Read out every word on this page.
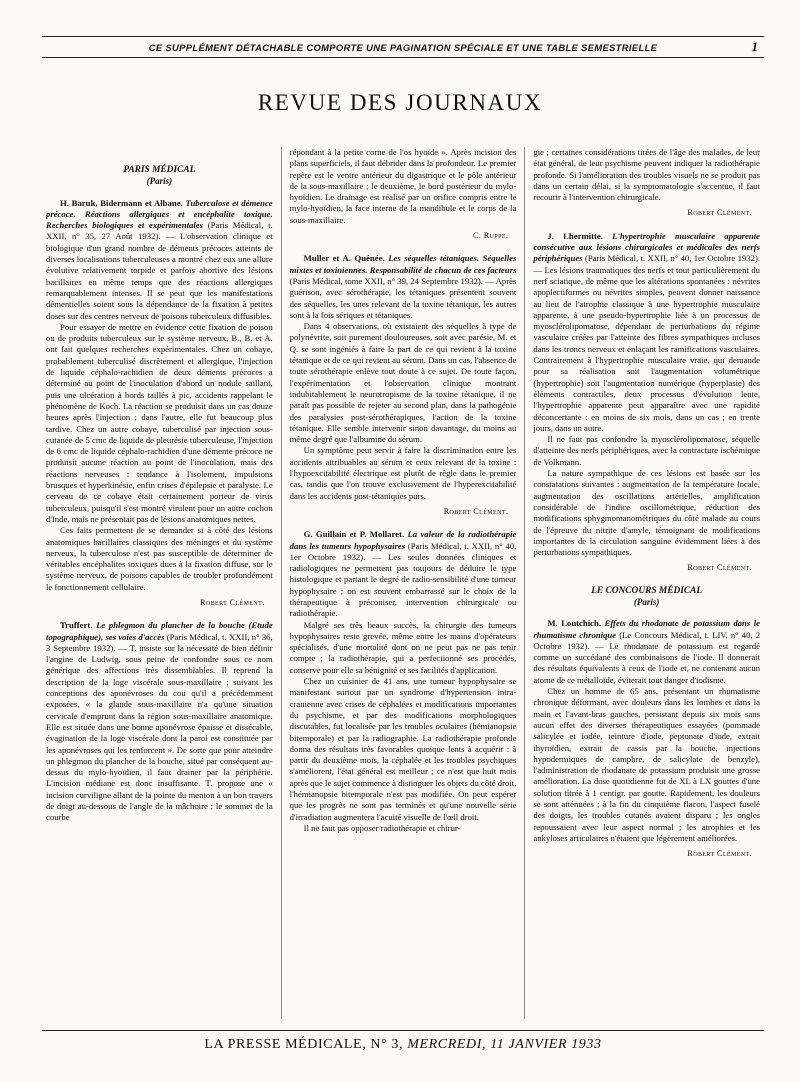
CE SUPPLÉMENT DÉTACHABLE COMPORTE UNE PAGINATION SPÉCIALE ET UNE TABLE SEMESTRIELLE	1
REVUE DES JOURNAUX
PARIS MÉDICAL
(Paris)

H. Baruk, Bidermann et Albane. Tuberculose et démence précoce. Réactions allergiques et encéphalite toxique. Recherches biologiques et expérimentales (Paris Médical, t. XXII, n° 35, 27 Août 1932). — L'observation clinique et biologique d'un grand nombre de déments précoces atteints de diverses localisations tuberculeuses a montré chez eux une allure évolutive relativement torpide et parfois abortive des lésions bacillaires en même temps que des réactions allergiques remarquablement intenses. Il se peut que les manifestations démentielles soient sous la dépendance de la fixation à petites doses sur des centres nerveux de poisons tuberculeux diffusibles.

Pour essayer de mettre en évidence cette fixation de poison ou de produits tuberculeux sur le système nerveux, B., B. et A. ont fait quelques recherches expérimentales. Chez un cobaye, probablement tuberculisé discrètement et allergique, l'injection de liquide céphalo-rachidien de deux déments précoces a déterminé au point de l'inoculation d'abord un nodule saillant, puis une ulcération à bords taillés à pic, accidents rappelant le phénomène de Koch. La réaction se produisit dans un cas douze heures après l'injection ; dans l'autre, elle fut beaucoup plus tardive. Chez un autre cobaye, tuberculisé par injection sous-cutanée de 5 cmc de liquide de pleurésie tuberculeuse, l'injection de 6 cmc de liquide céphalo-rachidien d'une démente précoce ne produisit aucune réaction au point de l'inoculation, mais des réactions nerveuses : tendance à l'isolement, impulsions brusques et hyperkinésie, enfin crises d'épilepsie et paralysie. Le cerveau de ce cobaye était certainement porteur de virus tuberculeux, puisqu'il s'est montré virulent pour un autre cochon d'Inde, mais ne présentait pas de lésions anatomiques nettes.

Ces faits permettent de se demander si à côté des lésions anatomiques bacillaires classiques des méninges et du système nerveux, la tuberculose n'est pas susceptible de déterminer de véritables encéphalites toxiques dues à la fixation diffuse, sur le système nerveux, de poisons capables de troubler profondément le fonctionnement cellulaire.

Robert Clément.

Truffert. Le phlegmon du plancher de la bouche (Etude topographique), ses voies d'accès (Paris Médical, t. XXII, n° 36, 3 Septembre 1932). — T. insiste sur la nécessité de bien définir l'angine de Ludwig, sous peine de confondre sous ce nom générique des affections très dissemblables. Il reprend la description de la loge viscérale sous-maxillaire ; suivant les conceptions des aponévroses du cou qu'il a précédemment exposées, « la glande sous-maxillaire n'a qu'une situation cervicale d'emprunt dans la région sous-maxillaire anatomique. Elle est située dans une bonne aponévrose épaisse et dissécable, évagination de la loge viscérale dont la paroi est constituée par les aponévroses qui les renforcent ». De sorte que pour atteindre un phlegmon du plancher de la bouche, situé par conséquent au-dessus du mylo-hyoïdien, il faut drainer par la périphérie. L'incision médiane est donc insuffisante. T. propose une « incision curviligne allant de la pointe du menton à un bon travers de doigt au-dessous de l'angle de la mâchoire ; le sommet de la courbe

répondant à la petite corne de l'os hyoïde ». Après incision des plans superficiels, il faut débrider dans la profondeur. Le premier repère est le ventre antérieur du digastrique et le pôle antérieur de la sous-maxillaire ; le deuxième, le bord postérieur du mylo-hyoïdien. Le drainage est réalisé par un orifice compris entre le mylo-hyoïdien, la face interne de la mandibule et le corps de la sous-maxillaire.

C. Ruppe.

Muller et A. Quénée. Les séquelles tétaniques. Séquelles mixtes et toxiniennes. Responsabilité de chacun de ces facteurs (Paris Médical, tome XXII, n° 39, 24 Septembre 1932). — Après guérison, avec sérothérapie, les tétaniques présentent souvent des séquelles, les unes relevant de la toxine tétanique, les autres sont à la fois sériques et tétaniques.

Dans 4 observations, où existaient des séquelles à type de polynévrite, soit purement douloureuses, soit avec parésie, M. et Q. se sont ingéniés à faire la part de ce qui revient à la toxine tétanique et de ce qui revient au sérum. Dans un cas, l'absence de toute sérothérapie enlève tout doute à ce sujet. De toute façon, l'expérimentation et l'observation clinique montrant indubitablement le neurotropisme de la toxine tétanique, il ne paraît pas possible de rejeter au second plan, dans la pathogénie des paralysies post-sérothérapiques, l'action de la toxine tétanique. Elle semble intervenir sinon davantage, du moins au même degré que l'albumine du sérum.

Un symptôme peut servir à faire la discrimination entre les accidents attribuables au sérum et ceux relevant de la toxine : l'hypoexcitabilité électrique est plutôt de règle dans le premier cas, tandis que l'on trouve exclusivement de l'hyperexcitabilité dans les accidents post-tétaniques purs.

Robert Clément.

G. Guillain et P. Mollaret. La valeur de la radiothérapie dans les tumeurs hypophysaires (Paris Médical, t. XXII, n° 40, 1er Octobre 1932). — Les seules données cliniques et radiologiques ne permettent pas toujours de déduire le type histologique et partant le degré de radio-sensibilité d'une tumeur hypophysaire ; on est souvent embarrassé sur le choix de la thérapeutique à préconiser, intervention chirurgicale ou radiothérapie.

Malgré ses très beaux succès, la chirurgie des tumeurs hypophysaires reste grevée, même entre les mains d'opérateurs spécialisés, d'une mortalité dont on ne peut pas ne pas tenir compte ; la radiothérapie, qui a perfectionné ses procédés, conserve pour elle sa bénignité et ses facilités d'application.

Chez un cuisinier de 41 ans, une tumeur hypophysaire se manifestant surtout par un syndrome d'hypertension intra-cranienne avec crises de céphalées et modifications importantes du psychisme, et par des modifications morphologiques discutables, fut localisée par les troubles oculaires (hémianopsie bitemporale) et par la radiographie. La radiothérapie profonde donna des résultats très favorables quoique lents à acquérir : à partir du deuxième mois, la céphalée et les troubles psychiques s'améliorent, l'état général est meilleur ; ce n'est que huit mois après que le sujet commence à distinguer les objets du côté droit, l'hémianopsie bitemporale n'est pas modifiée. On peut espérer que les progrès ne sont pas terminés et qu'une nouvelle série d'irradiation augmentera l'acuité visuelle de l'œil droit.

Il ne faut pas opposer radiothérapie et chirur-

gie ; certaines considérations tirées de l'âge des malades, de leur état général, de leur psychisme peuvent indiquer la radiothérapie profonde. Si l'amélioration des troubles visuels ne se produit pas dans un certain délai, si la symptomatologie s'accentue, il faut recourir à l'intervention chirurgicale.

Robert Clément.

J. Lhermitte. L'hypertrophie musculaire apparente consécutive aux lésions chirurgicales et médicales des nerfs périphériques (Paris Médical, t. XXII, n° 40, 1er Octobre 1932). — Les lésions traumatiques des nerfs et tout particulièrement du nerf sciatique, de même que les altérations spontanées : névrites apoplectiformes ou névrites simples, peuvent donner naissance au lieu de l'atrophie classique à une hypertrophie musculaire apparente, à une pseudo-hypertrophie liée à un processus de myosclérolipomatose, dépendant de perturbations du régime vasculaire créées par l'atteinte des fibres sympathiques incluses dans les troncs nerveux et enlaçant les ramifications vasculaires. Contrairement à l'hypertrophie musculaire vraie, qui demande pour sa réalisation soit l'augmentation volumétrique (hypertrophie) soit l'augmentation numérique (hyperplasie) des éléments contractiles, deux processus d'évolution lente, l'hypertrophie apparente peut apparaître avec une rapidité déconcertante : en moins de six mois, dans un cas ; en trente jours, dans un autre.

Il ne faut pas confondre la myosclérolipomatose, séquelle d'atteinte des nerfs périphériques, avec la contracture ischémique de Volkmann.

La nature sympathique de ces lésions est basée sur les constatations suivantes : augmentation de la température locale, augmentation des oscillations artérielles, amplification considérable de l'indice oscillométrique, réduction des modifications sphygmomanométriques du côté malade au cours de l'épreuve du nitrite d'amyle, témoignant de modifications importantes de la circulation sanguine évidemment liées à des perturbations sympathiques.

Robert Clément.
LE CONCOURS MÉDICAL
(Paris)

M. Loutchich. Effets du rhodanate de potassium dans le rhumatisme chronique (Le Concours Médical, t. LIV, n° 40, 2 Octobre 1932). — Le rhodanate de potassium est regardé comme un succédané des combinaisons de l'iode. Il donnerait des résultats équivalents à ceux de l'iode et, ne contenant aucun atome de ce métalloïde, éviterait tout danger d'iodisme.

Chez un homme de 65 ans, présentant un rhumatisme chronique déformant, avec douleurs dans les lombes et dans la main et l'avant-bras gauches, persistant depuis six mois sans aucun effet des diverses thérapeutiques essayées (pommade salicylée et iodée, teinture d'iode, peptonate d'iode, extrait thyroïdien, extrait de cassis par la bouche, injections hypodermiques de camphre, de salicylate de benzyle), l'administration de rhodanate de potassium produisit une grosse amélioration. La dose quotidienne fut de XL à LX gouttes d'une solution titrée à 1 centigr. par goutte. Rapidement, les douleurs se sont atténuées ; à la fin du cinquième flacon, l'aspect fuselé des doigts, les troubles cutanés avaient disparu ; les ongles repoussaient avec leur aspect normal ; les atrophies et les ankyloses articulaires n'étaient que légèrement améliorées.

Robert Clément.
LA PRESSE MÉDICALE, N° 3, MERCREDI, 11 JANVIER 1933
